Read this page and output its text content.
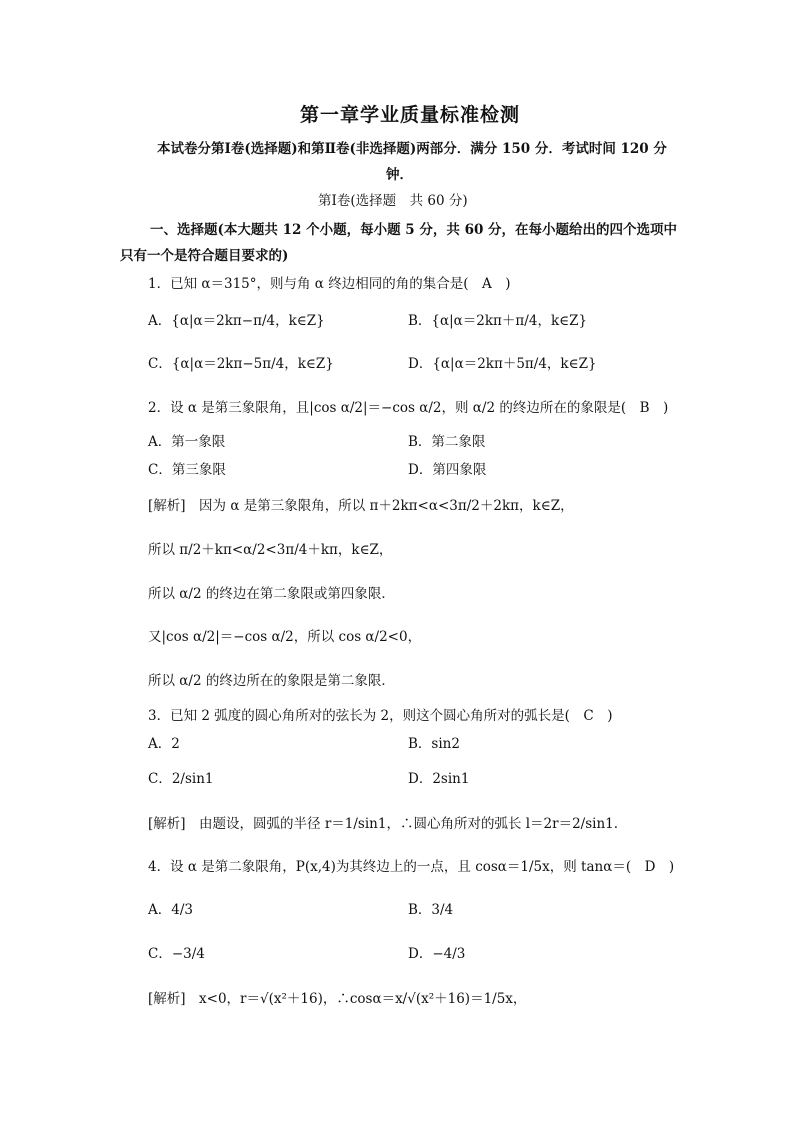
第一章学业质量标准检测
本试卷分第Ⅰ卷(选择题)和第Ⅱ卷(非选择题)两部分．满分 150 分．考试时间 120 分
钟．
第Ⅰ卷(选择题　共 60 分)
一、选择题(本大题共 12 个小题，每小题 5 分，共 60 分，在每小题给出的四个选项中
只有一个是符合题目要求的)
1．已知 α＝315°，则与角 α 终边相同的角的集合是(　A　)
A．{α|α＝2kπ−π/4，k∈Z}	B．{α|α＝2kπ＋π/4，k∈Z}
C．{α|α＝2kπ−5π/4，k∈Z}	D．{α|α＝2kπ＋5π/4，k∈Z}
2．设 α 是第三象限角，且|cos α/2|＝−cos α/2，则 α/2 的终边所在的象限是(　B　)
A．第一象限	B．第二象限
C．第三象限	D．第四象限
[解析]　因为 α 是第三象限角，所以 π＋2kπ<α<3π/2＋2kπ，k∈Z，
所以 π/2＋kπ<α/2<3π/4＋kπ，k∈Z，
所以 α/2 的终边在第二象限或第四象限．
又|cos α/2|＝−cos α/2，所以 cos α/2<0，
所以 α/2 的终边所在的象限是第二象限．
3．已知 2 弧度的圆心角所对的弦长为 2，则这个圆心角所对的弧长是(　C　)
A．2	B．sin2
C．2/sin1	D．2sin1
[解析]　由题设，圆弧的半径 r＝1/sin1，∴圆心角所对的弧长 l＝2r＝2/sin1.
4．设 α 是第二象限角，P(x,4)为其终边上的一点，且 cosα＝1/5x，则 tanα＝(　D　)
A．4/3	B．3/4
C．−3/4	D．−4/3
[解析]　x<0，r＝√(x²＋16)，∴cosα＝x/√(x²＋16)＝1/5x，
